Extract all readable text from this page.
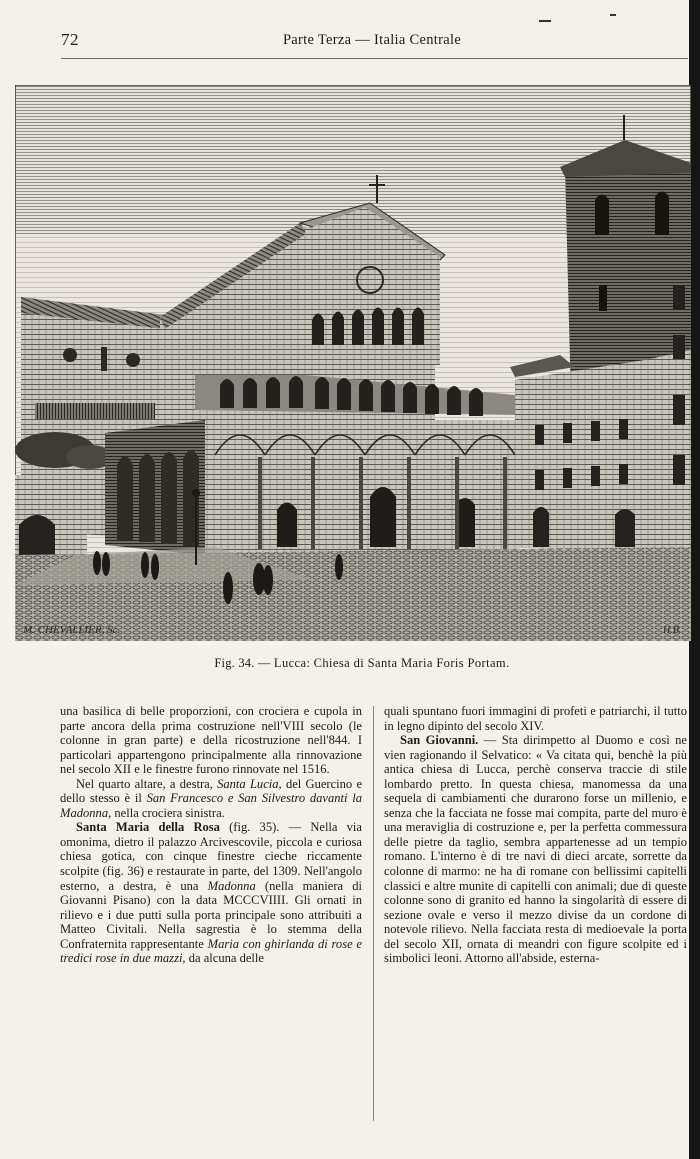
72	Parte Terza — Italia Centrale
M. CHEVALLIER, Sc.	H.B.
Fig. 34. — Lucca: Chiesa di Santa Maria Foris Portam.

una basilica di belle proporzioni, con crociera e cupola in parte ancora della prima costruzione nell'VIII secolo (le colonne in gran parte) e della ricostruzione nell'844. I particolari appartengono principalmente alla rinnovazione nel secolo XII e le finestre furono rinnovate nel 1516.

Nel quarto altare, a destra, Santa Lucia, del Guercino e dello stesso è il San Francesco e San Silvestro davanti la Madonna, nella crociera sinistra.

Santa Maria della Rosa (fig. 35). — Nella via omonima, dietro il palazzo Arcivescovile, piccola e curiosa chiesa gotica, con cinque finestre cieche riccamente scolpite (fig. 36) e restaurate in parte, del 1309. Nell'angolo esterno, a destra, è una Madonna (nella maniera di Giovanni Pisano) con la data MCCCVIIII. Gli ornati in rilievo e i due putti sulla porta principale sono attribuiti a Matteo Civitali. Nella sagrestia è lo stemma della Confraternita rappresentante Maria con ghirlanda di rose e tredici rose in due mazzi, da alcuna delle

quali spuntano fuori immagini di profeti e patriarchi, il tutto in legno dipinto del secolo XIV.

San Giovanni. — Sta dirimpetto al Duomo e così ne vien ragionando il Selvatico: « Va citata qui, benchè la più antica chiesa di Lucca, perchè conserva traccie di stile lombardo pretto. In questa chiesa, manomessa da una sequela di cambiamenti che durarono forse un millenio, e senza che la facciata ne fosse mai compita, parte del muro è una meraviglia di costruzione e, per la perfetta commessura delle pietre da taglio, sembra appartenesse ad un tempio romano. L'interno è di tre navi di dieci arcate, sorrette da colonne di marmo: ne ha di romane con bellissimi capitelli classici e altre munite di capitelli con animali; due di queste colonne sono di granito ed hanno la singolarità di essere di sezione ovale e verso il mezzo divise da un cordone di notevole rilievo. Nella facciata resta di medioevale la porta del secolo XII, ornata di meandri con figure scolpite ed i simbolici leoni. Attorno all'abside, esterna-
